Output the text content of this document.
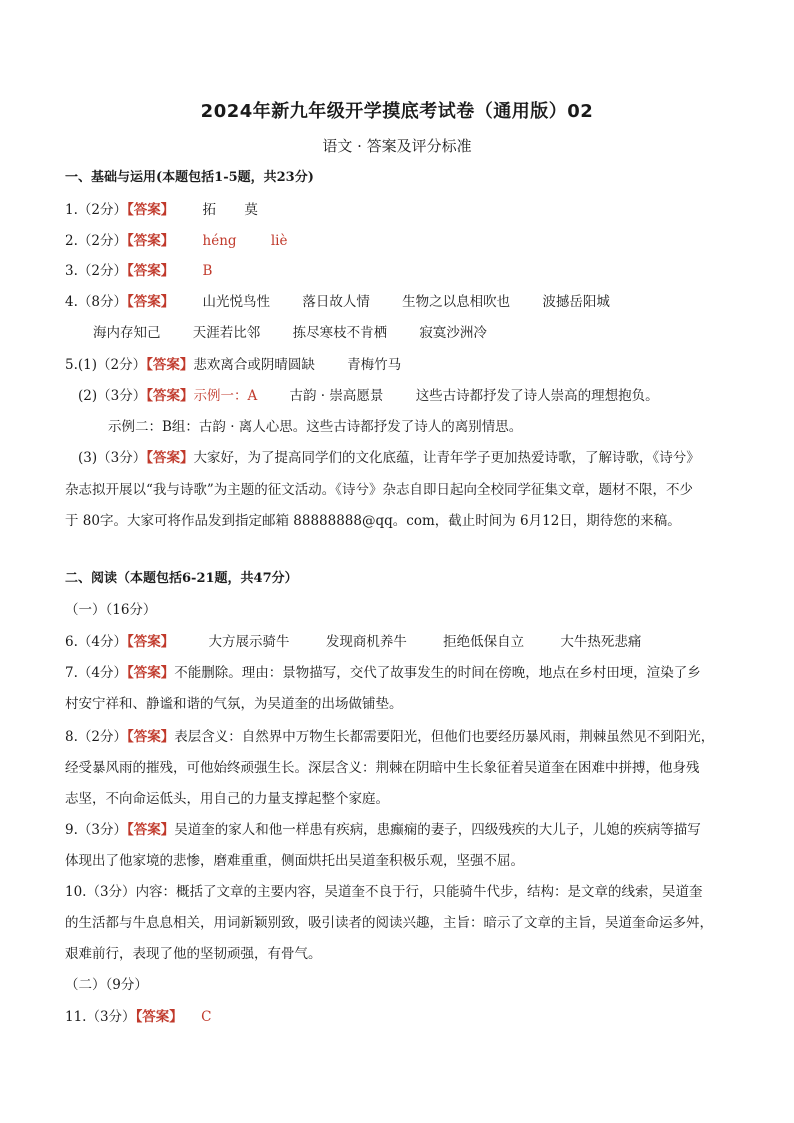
2024年新九年级开学摸底考试卷（通用版）02
语文 · 答案及评分标准
一、基础与运用(本题包括1-5题，共23分)
1.（2分）【答案】 拓 莫
2.（2分）【答案】 héng	liè
3.（2分）【答案】 B
4.（8分）【答案】 山光悦鸟性 落日故人情 生物之以息相吹也 波撼岳阳城
海内存知己 天涯若比邻 拣尽寒枝不肯栖 寂寞沙洲冷
5.(1)（2分）【答案】悲欢离合或阴晴圆缺 青梅竹马
(2)（3分）【答案】示例一：A 古韵 · 崇高愿景 这些古诗都抒发了诗人崇高的理想抱负。
示例二：B组：古韵 · 离人心思。这些古诗都抒发了诗人的离别情思。
(3)（3分）【答案】大家好，为了提高同学们的文化底蕴，让青年学子更加热爱诗歌，了解诗歌，《诗兮》
杂志拟开展以“我与诗歌”为主题的征文活动。《诗兮》杂志自即日起向全校同学征集文章，题材不限，不少
于 80字。大家可将作品发到指定邮箱 88888888@qq。com，截止时间为 6月12日，期待您的来稿。
二、阅读（本题包括6-21题，共47分）
（一）（16分）
6.（4分）【答案】	大方展示骑牛	发现商机养牛	拒绝低保自立	大牛热死悲痛
7.（4分）【答案】不能删除。理由：景物描写，交代了故事发生的时间在傍晚，地点在乡村田埂，渲染了乡
村安宁祥和、静谧和谐的气氛，为吴道奎的出场做铺垫。
8.（2分）【答案】表层含义：自然界中万物生长都需要阳光，但他们也要经历暴风雨，荆棘虽然见不到阳光，
经受暴风雨的摧残，可他始终顽强生长。深层含义：荆棘在阴暗中生长象征着吴道奎在困难中拼搏，他身残
志坚，不向命运低头，用自己的力量支撑起整个家庭。
9.（3分）【答案】吴道奎的家人和他一样患有疾病，患癫痫的妻子，四级残疾的大儿子，儿媳的疾病等描写
体现出了他家境的悲惨，磨难重重，侧面烘托出吴道奎积极乐观，坚强不屈。
10.（3分）内容：概括了文章的主要内容，吴道奎不良于行，只能骑牛代步，结构：是文章的线索，吴道奎
的生活都与牛息息相关，用词新颖别致，吸引读者的阅读兴趣，主旨：暗示了文章的主旨，吴道奎命运多舛，
艰难前行，表现了他的坚韧顽强，有骨气。
（二）（9分）
11.（3分）【答案】 C
